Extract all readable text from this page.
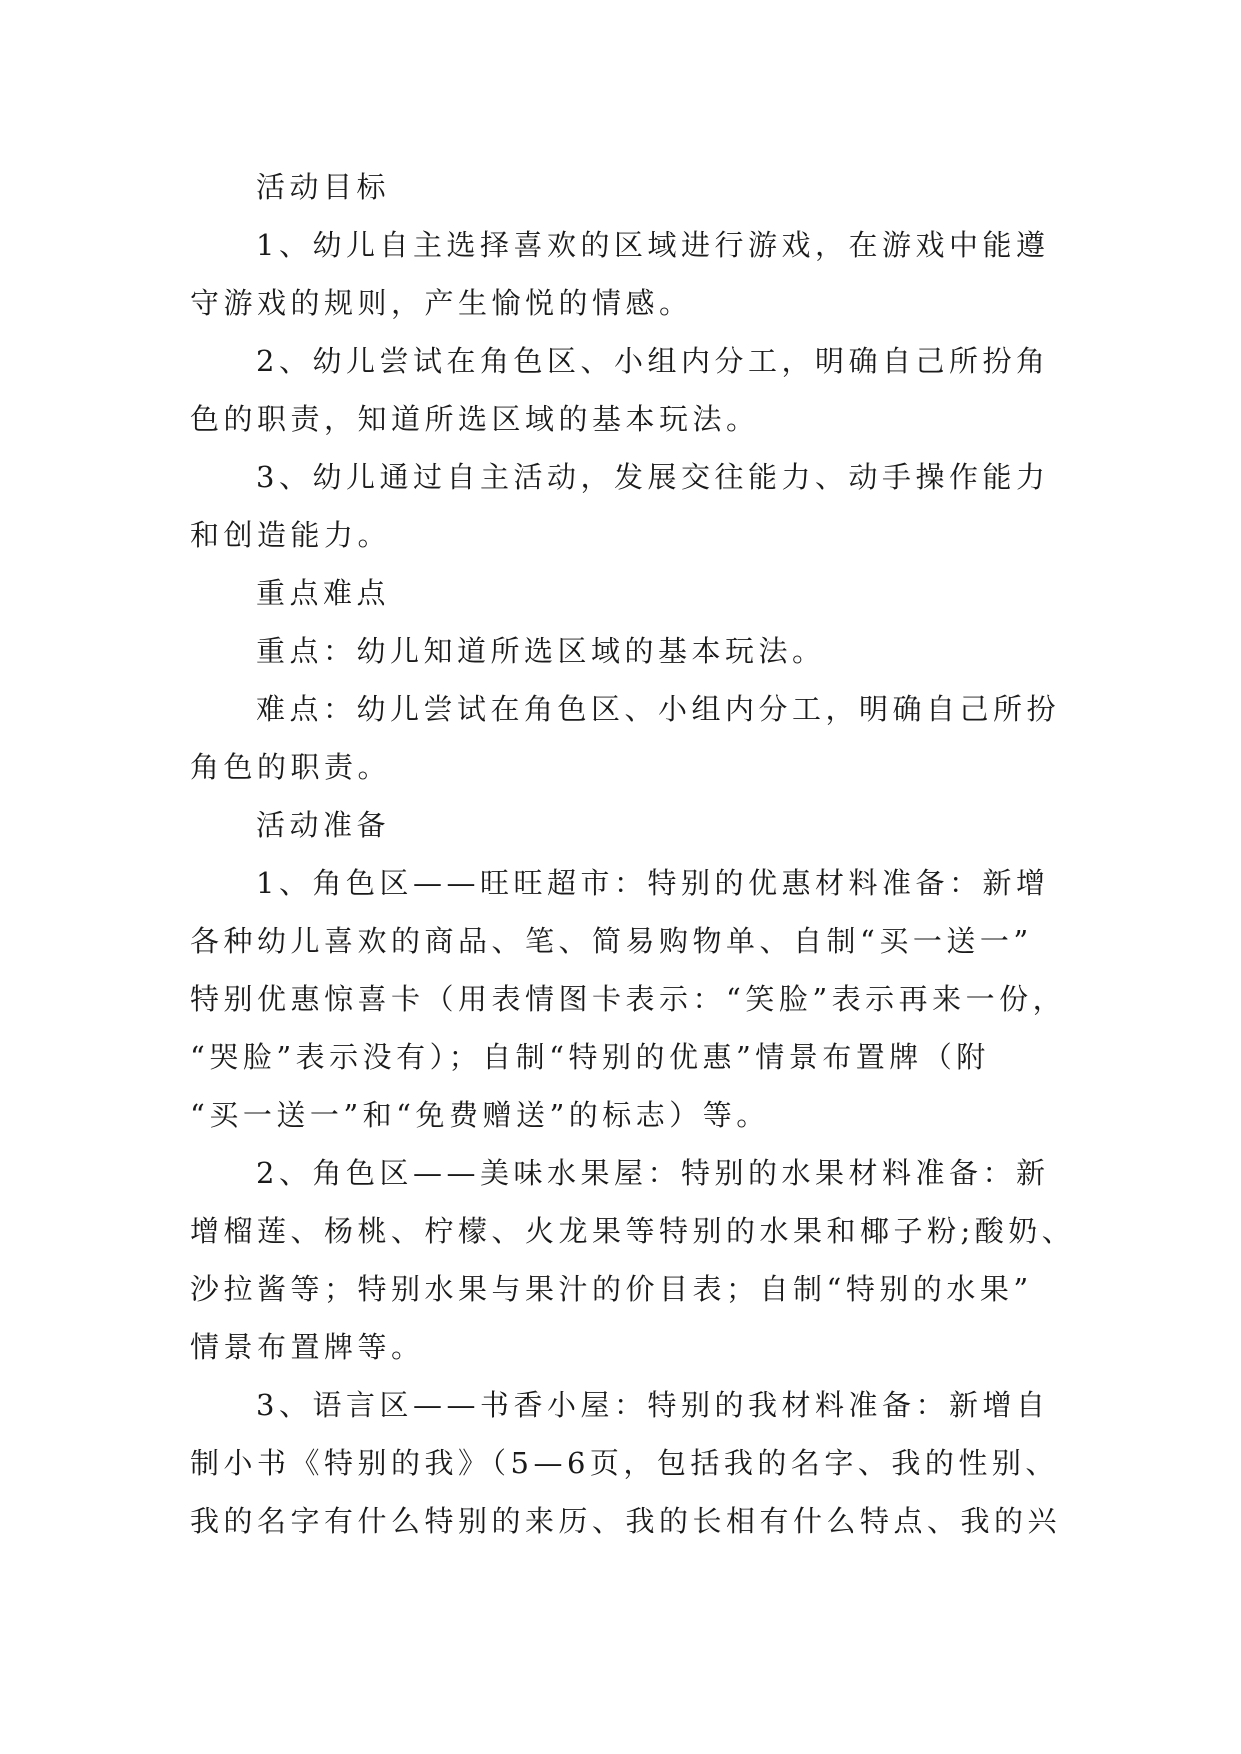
活动目标
1、幼儿自主选择喜欢的区域进行游戏，在游戏中能遵
守游戏的规则，产生愉悦的情感。
2、幼儿尝试在角色区、小组内分工，明确自己所扮角
色的职责，知道所选区域的基本玩法。
3、幼儿通过自主活动，发展交往能力、动手操作能力
和创造能力。
重点难点
重点：幼儿知道所选区域的基本玩法。
难点：幼儿尝试在角色区、小组内分工，明确自己所扮
角色的职责。
活动准备
1、角色区——旺旺超市：特别的优惠材料准备：新增
各种幼儿喜欢的商品、笔、简易购物单、自制“买一送一”
特别优惠惊喜卡（用表情图卡表示：“笑脸”表示再来一份，
“哭脸”表示没有）；自制“特别的优惠”情景布置牌（附
“买一送一”和“免费赠送”的标志）等。
2、角色区——美味水果屋：特别的水果材料准备：新
增榴莲、杨桃、柠檬、火龙果等特别的水果和椰子粉;酸奶、
沙拉酱等；特别水果与果汁的价目表；自制“特别的水果”
情景布置牌等。
3、语言区——书香小屋：特别的我材料准备：新增自
制小书《特别的我》（5—6页，包括我的名字、我的性别、
我的名字有什么特别的来历、我的长相有什么特点、我的兴
